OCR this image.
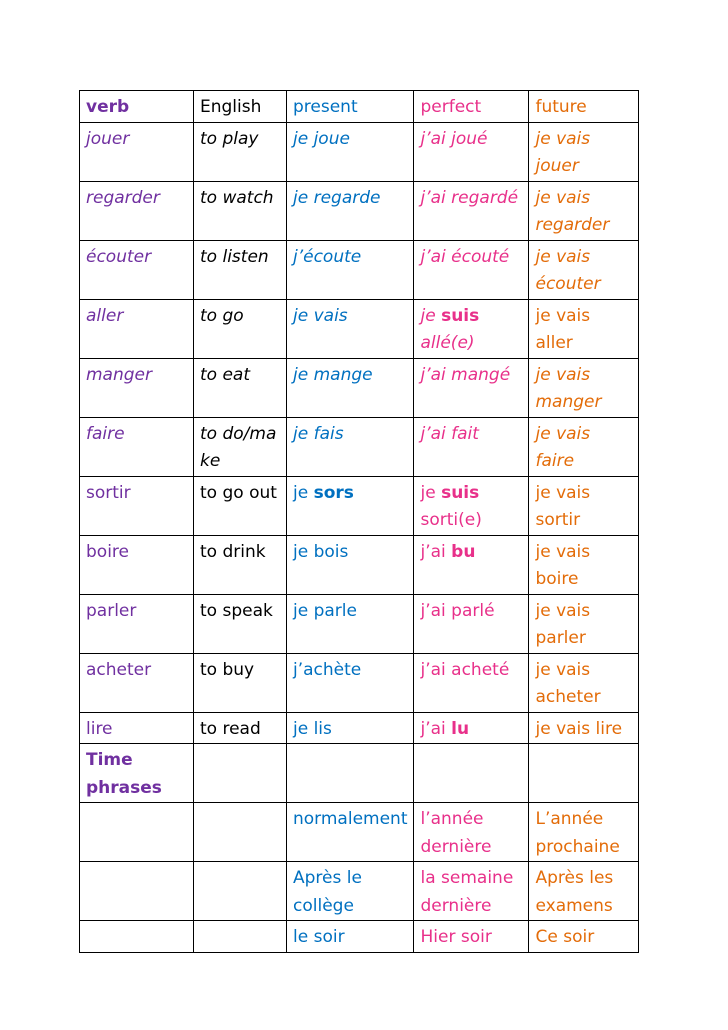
verb	English	present	perfect	future
jouer	to play	je joue	j’ai joué	je vais jouer
regarder	to watch	je regarde	j’ai regardé	je vais regarder
écouter	to listen	j’écoute	j’ai écouté	je vais écouter
aller	to go	je vais	je suis allé(e)	je vais aller
manger	to eat	je mange	j’ai mangé	je vais manger
faire	to do/make	je fais	j’ai fait	je vais faire
sortir	to go out	je sors	je suis sorti(e)	je vais sortir
boire	to drink	je bois	j’ai bu	je vais boire
parler	to speak	je parle	j’ai parlé	je vais parler
acheter	to buy	j’achète	j’ai acheté	je vais acheter
lire	to read	je lis	j’ai lu	je vais lire
Time phrases				
		normalement	l’année dernière	L’année prochaine
		Après le collège	la semaine dernière	Après les examens
		le soir	Hier soir	Ce soir
